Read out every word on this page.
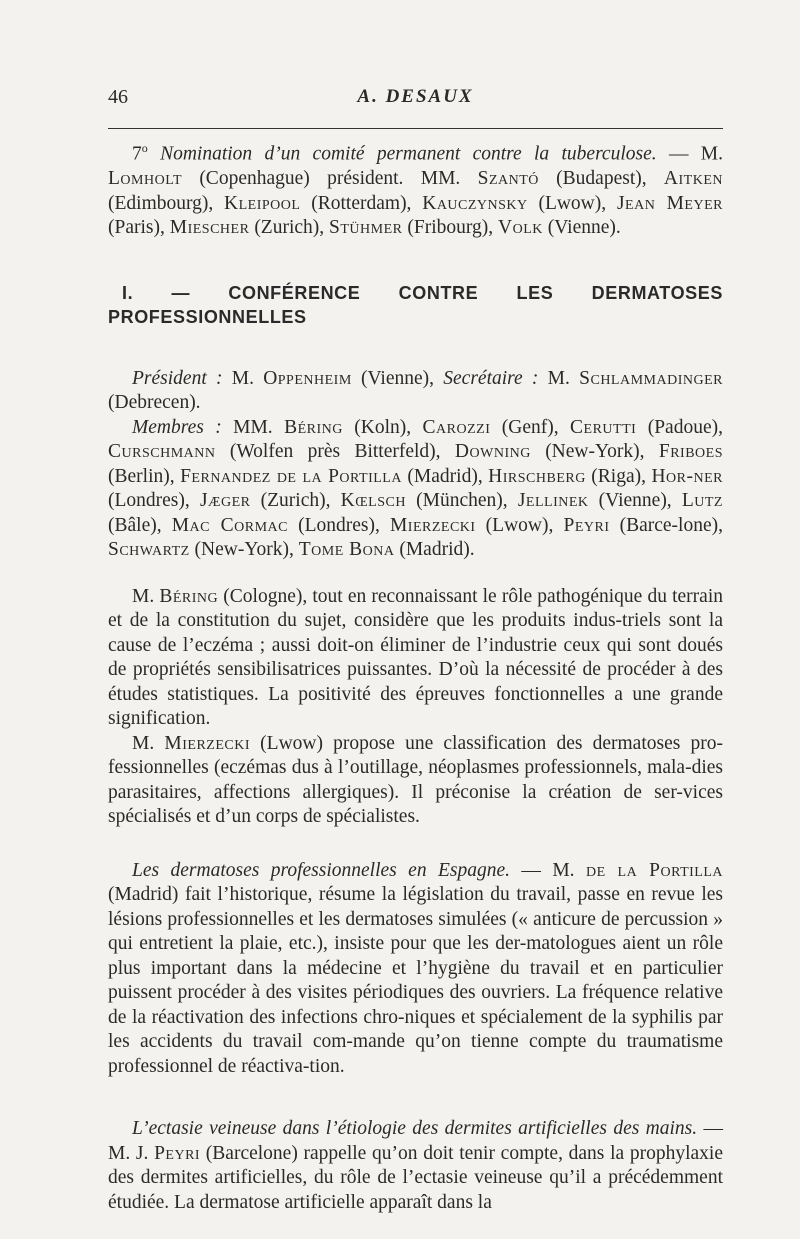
46	A. DESAUX

7$^o$ Nomination d’un comité permanent contre la tuberculose. — M. Lomholt (Copenhague) président. MM. Szantó (Budapest), Aitken (Edimbourg), Kleipool (Rotterdam), Kauczynsky (Lwow), Jean Meyer (Paris), Miescher (Zurich), Stühmer (Fribourg), Volk (Vienne).

I. — CONFÉRENCE CONTRE LES DERMATOSES PROFESSIONNELLES

Président : M. Oppenheim (Vienne), Secrétaire : M. Schlammadinger (Debrecen).

Membres : MM. Béring (Koln), Carozzi (Genf), Cerutti (Padoue), Curschmann (Wolfen près Bitterfeld), Downing (New-York), Friboes (Berlin), Fernandez de la Portilla (Madrid), Hirschberg (Riga), Hor-ner (Londres), Jæger (Zurich), Kœlsch (München), Jellinek (Vienne), Lutz (Bâle), Mac Cormac (Londres), Mierzecki (Lwow), Peyri (Barce-lone), Schwartz (New-York), Tome Bona (Madrid).

M. Béring (Cologne), tout en reconnaissant le rôle pathogénique du terrain et de la constitution du sujet, considère que les produits indus-triels sont la cause de l’eczéma ; aussi doit-on éliminer de l’industrie ceux qui sont doués de propriétés sensibilisatrices puissantes. D’où la nécessité de procéder à des études statistiques. La positivité des épreuves fonctionnelles a une grande signification.

M. Mierzecki (Lwow) propose une classification des dermatoses pro-fessionnelles (eczémas dus à l’outillage, néoplasmes professionnels, mala-dies parasitaires, affections allergiques). Il préconise la création de ser-vices spécialisés et d’un corps de spécialistes.

Les dermatoses professionnelles en Espagne. — M. de la Portilla (Madrid) fait l’historique, résume la législation du travail, passe en revue les lésions professionnelles et les dermatoses simulées (« anticure de percussion » qui entretient la plaie, etc.), insiste pour que les der-matologues aient un rôle plus important dans la médecine et l’hygiène du travail et en particulier puissent procéder à des visites périodiques des ouvriers. La fréquence relative de la réactivation des infections chro-niques et spécialement de la syphilis par les accidents du travail com-mande qu’on tienne compte du traumatisme professionnel de réactiva-tion.

L’ectasie veineuse dans l’étiologie des dermites artificielles des mains. — M. J. Peyri (Barcelone) rappelle qu’on doit tenir compte, dans la prophylaxie des dermites artificielles, du rôle de l’ectasie veineuse qu’il a précédemment étudiée. La dermatose artificielle apparaît dans la
